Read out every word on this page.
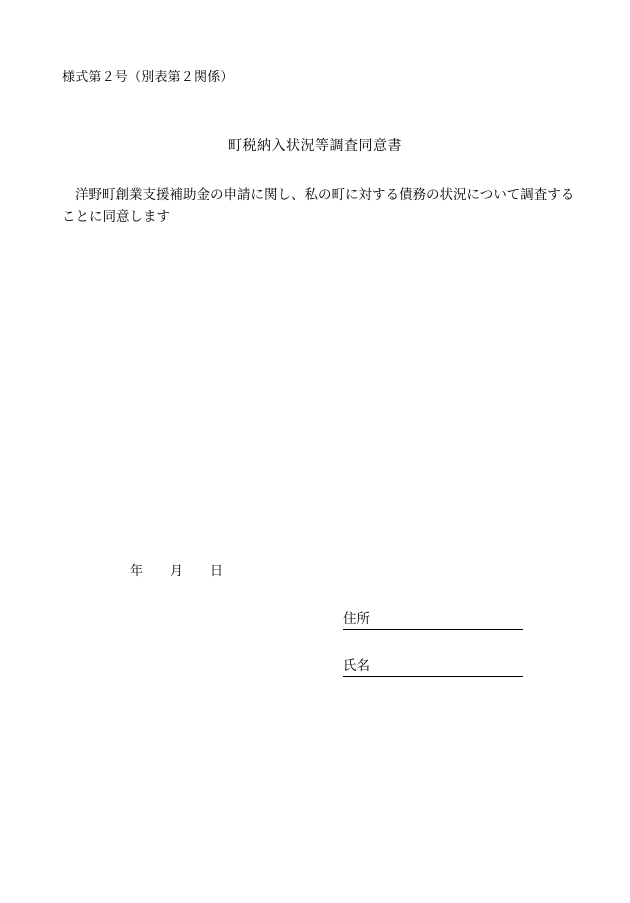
様式第２号（別表第２関係）
町税納入状況等調査同意書
洋野町創業支援補助金の申請に関し、私の町に対する債務の状況について調査する
ことに同意します
年 月 日
住所
氏名
